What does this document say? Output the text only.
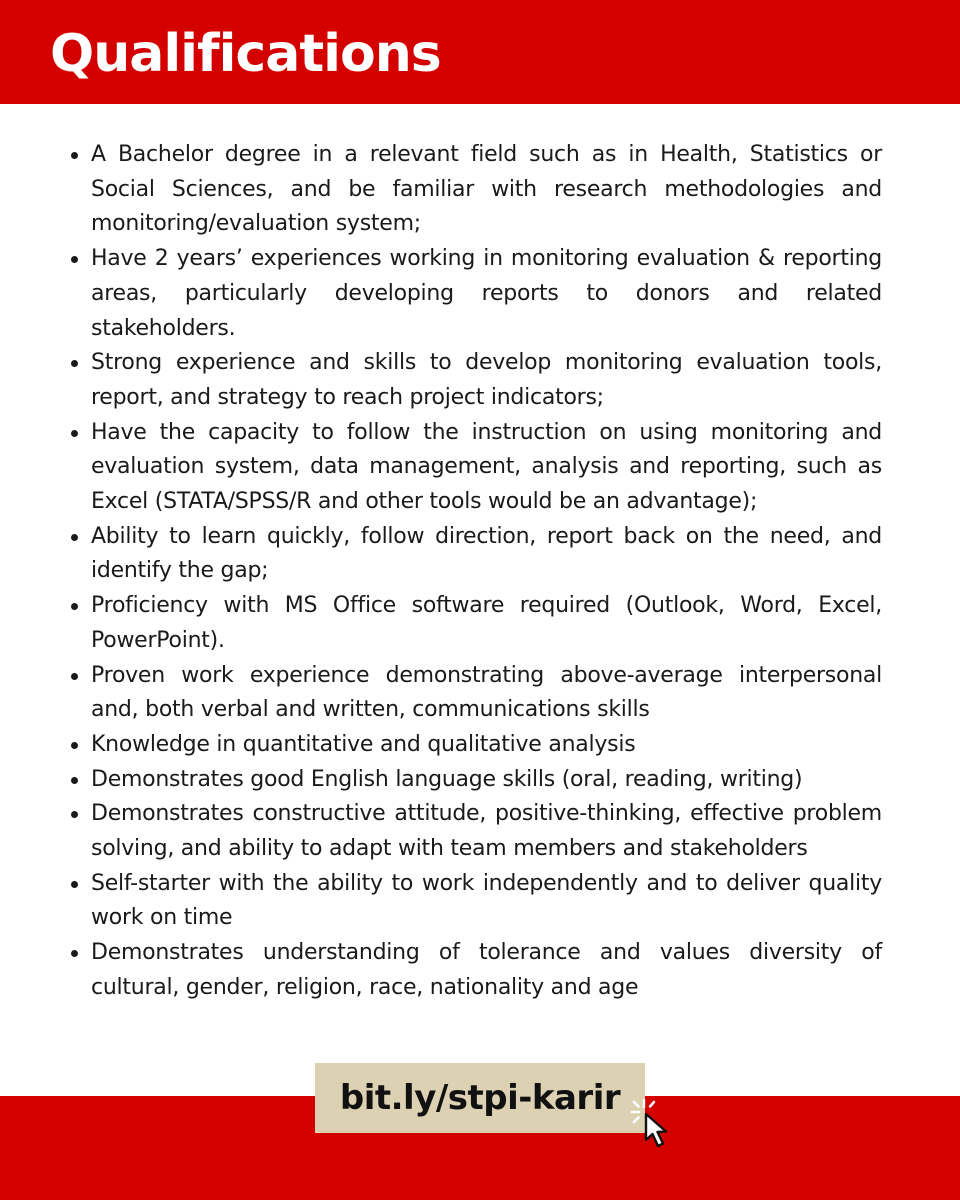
Qualifications
A Bachelor degree in a relevant field such as in Health, Statistics or Social Sciences, and be familiar with research methodologies and monitoring/evaluation system;
Have 2 years’ experiences working in monitoring evaluation & reporting areas, particularly developing reports to donors and related stakeholders.
Strong experience and skills to develop monitoring evaluation tools, report, and strategy to reach project indicators;
Have the capacity to follow the instruction on using monitoring and evaluation system, data management, analysis and reporting, such as Excel (STATA/SPSS/R and other tools would be an advantage);
Ability to learn quickly, follow direction, report back on the need, and identify the gap;
Proficiency with MS Office software required (Outlook, Word, Excel, PowerPoint).
Proven work experience demonstrating above-average interpersonal and, both verbal and written, communications skills
Knowledge in quantitative and qualitative analysis
Demonstrates good English language skills (oral, reading, writing)
Demonstrates constructive attitude, positive-thinking, effective problem solving, and ability to adapt with team members and stakeholders
Self-starter with the ability to work independently and to deliver quality work on time
Demonstrates understanding of tolerance and values diversity of cultural, gender, religion, race, nationality and age
bit.ly/stpi-karir
